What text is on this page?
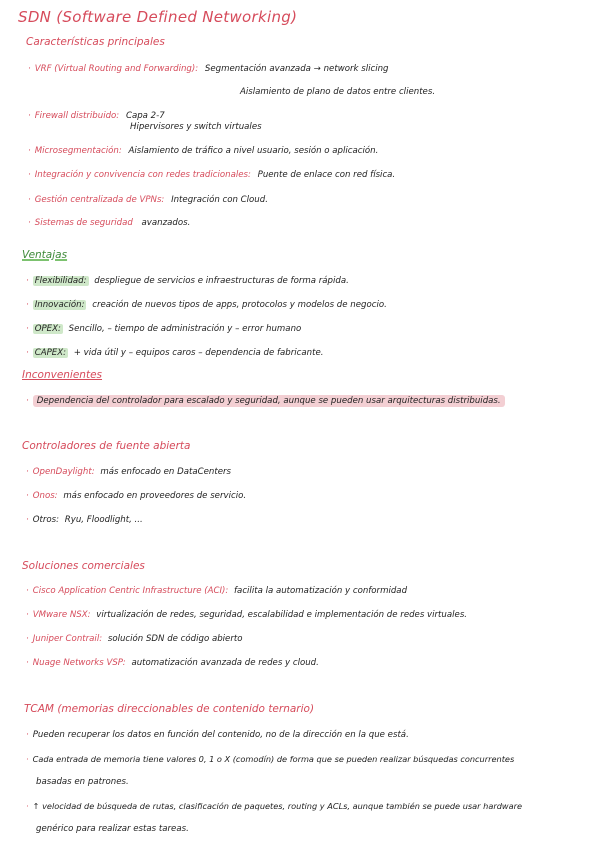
SDN (Software Defined Networking)
Características principales
· VRF (Virtual Routing and Forwarding): Segmentación avanzada → network slicing
Aislamiento de plano de datos entre clientes.
· Firewall distribuido: Capa 2-7
Hipervisores y switch virtuales
· Microsegmentación: Aislamiento de tráfico a nivel usuario, sesión o aplicación.
· Integración y convivencia con redes tradicionales: Puente de enlace con red física.
· Gestión centralizada de VPNs: Integración con Cloud.
· Sistemas de seguridad avanzados.
Ventajas
· Flexibilidad: despliegue de servicios e infraestructuras de forma rápida.
· Innovación: creación de nuevos tipos de apps, protocolos y modelos de negocio.
· OPEX: Sencillo, – tiempo de administración y – error humano
· CAPEX: + vida útil y – equipos caros – dependencia de fabricante.
Inconvenientes
· Dependencia del controlador para escalado y seguridad, aunque se pueden usar arquitecturas distribuidas.
Controladores de fuente abierta
· OpenDaylight: más enfocado en DataCenters
· Onos: más enfocado en proveedores de servicio.
· Otros: Ryu, Floodlight, ...
Soluciones comerciales
· Cisco Application Centric Infrastructure (ACI): facilita la automatización y conformidad
· VMware NSX: virtualización de redes, seguridad, escalabilidad e implementación de redes virtuales.
· Juniper Contrail: solución SDN de código abierto
· Nuage Networks VSP: automatización avanzada de redes y cloud.
TCAM (memorias direccionables de contenido ternario)
· Pueden recuperar los datos en función del contenido, no de la dirección en la que está.
· Cada entrada de memoria tiene valores 0, 1 o X (comodín) de forma que se pueden realizar búsquedas concurrentes
basadas en patrones.
· ↑ velocidad de búsqueda de rutas, clasificación de paquetes, routing y ACLs, aunque también se puede usar hardware
genérico para realizar estas tareas.
